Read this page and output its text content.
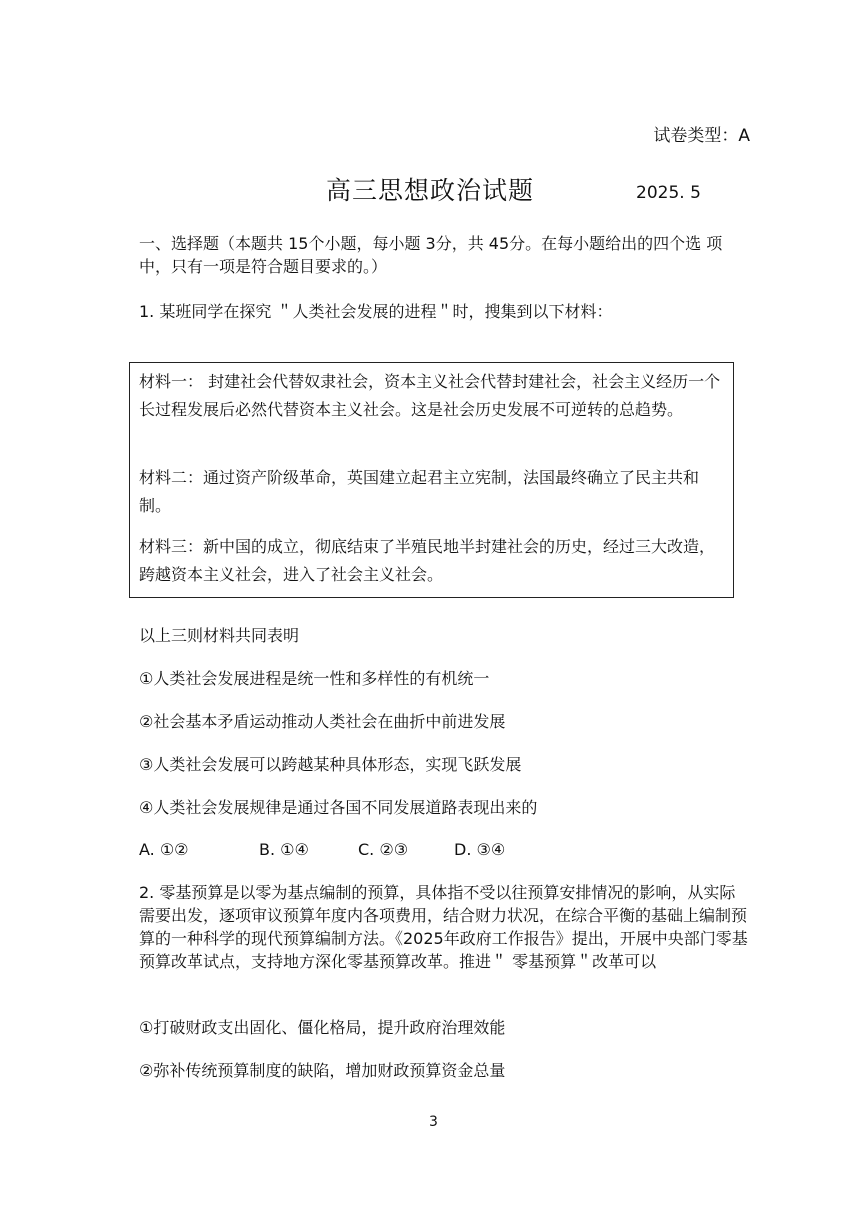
试卷类型：A
高三思想政治试题	2025. 5

一、选择题（本题共 15个小题，每小题 3分，共 45分。在每小题给出的四个选 项 中，只有一项是符合题目要求的。）

1. 某班同学在探究 ＂人类社会发展的进程＂时，搜集到以下材料：

材料一： 封建社会代替奴隶社会，资本主义社会代替封建社会，社会主义经历一个长过程发展后必然代替资本主义社会。这是社会历史发展不可逆转的总趋势。

材料二：通过资产阶级革命，英国建立起君主立宪制，法国最终确立了民主共和制。

材料三：新中国的成立，彻底结束了半殖民地半封建社会的历史，经过三大改造，跨越资本主义社会，进入了社会主义社会。

以上三则材料共同表明

①人类社会发展进程是统一性和多样性的有机统一

②社会基本矛盾运动推动人类社会在曲折中前进发展

③人类社会发展可以跨越某种具体形态，实现飞跃发展

④人类社会发展规律是通过各国不同发展道路表现出来的

A. ①②	B. ①④	C. ②③	D. ③④

2. 零基预算是以零为基点编制的预算，具体指不受以往预算安排情况的影响，从实际需要出发，逐项审议预算年度内各项费用，结合财力状况，在综合平衡的基础上编制预算的一种科学的现代预算编制方法。《2025年政府工作报告》提出，开展中央部门零基预算改革试点，支持地方深化零基预算改革。推进＂ 零基预算＂改革可以

①打破财政支出固化、僵化格局，提升政府治理效能

②弥补传统预算制度的缺陷，增加财政预算资金总量

3
